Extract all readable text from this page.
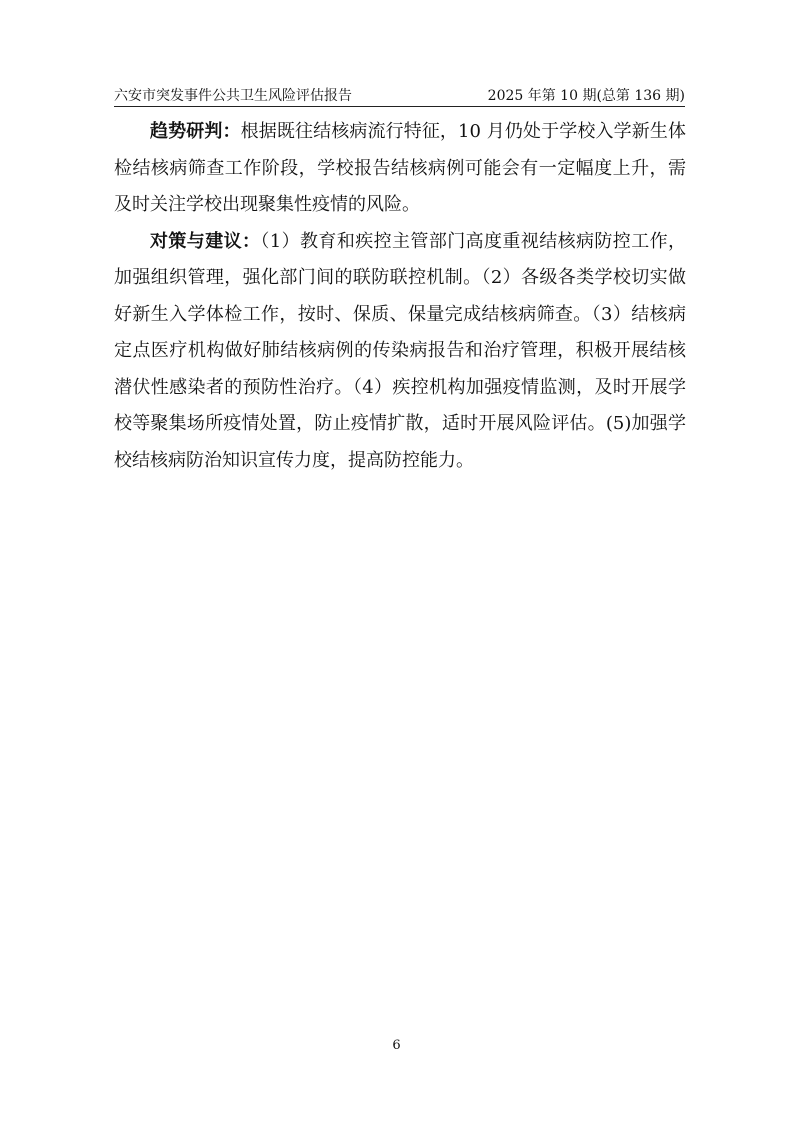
六安市突发事件公共卫生风险评估报告	2025 年第 10 期(总第 136 期)

趋势研判：根据既往结核病流行特征，10 月仍处于学校入学新生体检结核病筛查工作阶段，学校报告结核病例可能会有一定幅度上升，需及时关注学校出现聚集性疫情的风险。

对策与建议：（1）教育和疾控主管部门高度重视结核病防控工作，加强组织管理，强化部门间的联防联控机制。（2）各级各类学校切实做好新生入学体检工作，按时、保质、保量完成结核病筛查。（3）结核病定点医疗机构做好肺结核病例的传染病报告和治疗管理，积极开展结核潜伏性感染者的预防性治疗。（4）疾控机构加强疫情监测，及时开展学校等聚集场所疫情处置，防止疫情扩散，适时开展风险评估。(5)加强学校结核病防治知识宣传力度，提高防控能力。

6
